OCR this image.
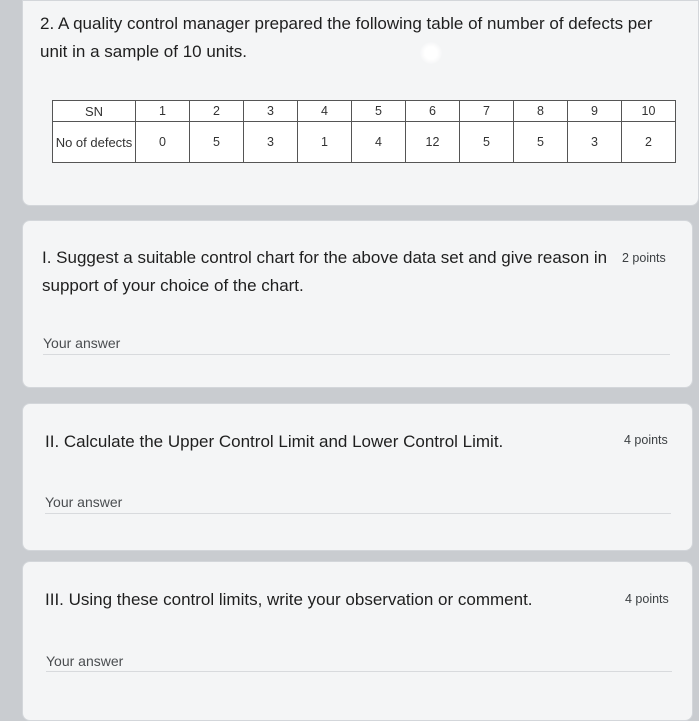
2. A quality control manager prepared the following table of number of defects per unit in a sample of 10 units.
SN	1	2	3	4	5	6	7	8	9	10
No of defects	0	5	3	1	4	12	5	5	3	2
I. Suggest a suitable control chart for the above data set and give reason in support of your choice of the chart.
2 points
Your answer
II. Calculate the Upper Control Limit and Lower Control Limit.	4 points
Your answer
III. Using these control limits, write your observation or comment.	4 points
Your answer
